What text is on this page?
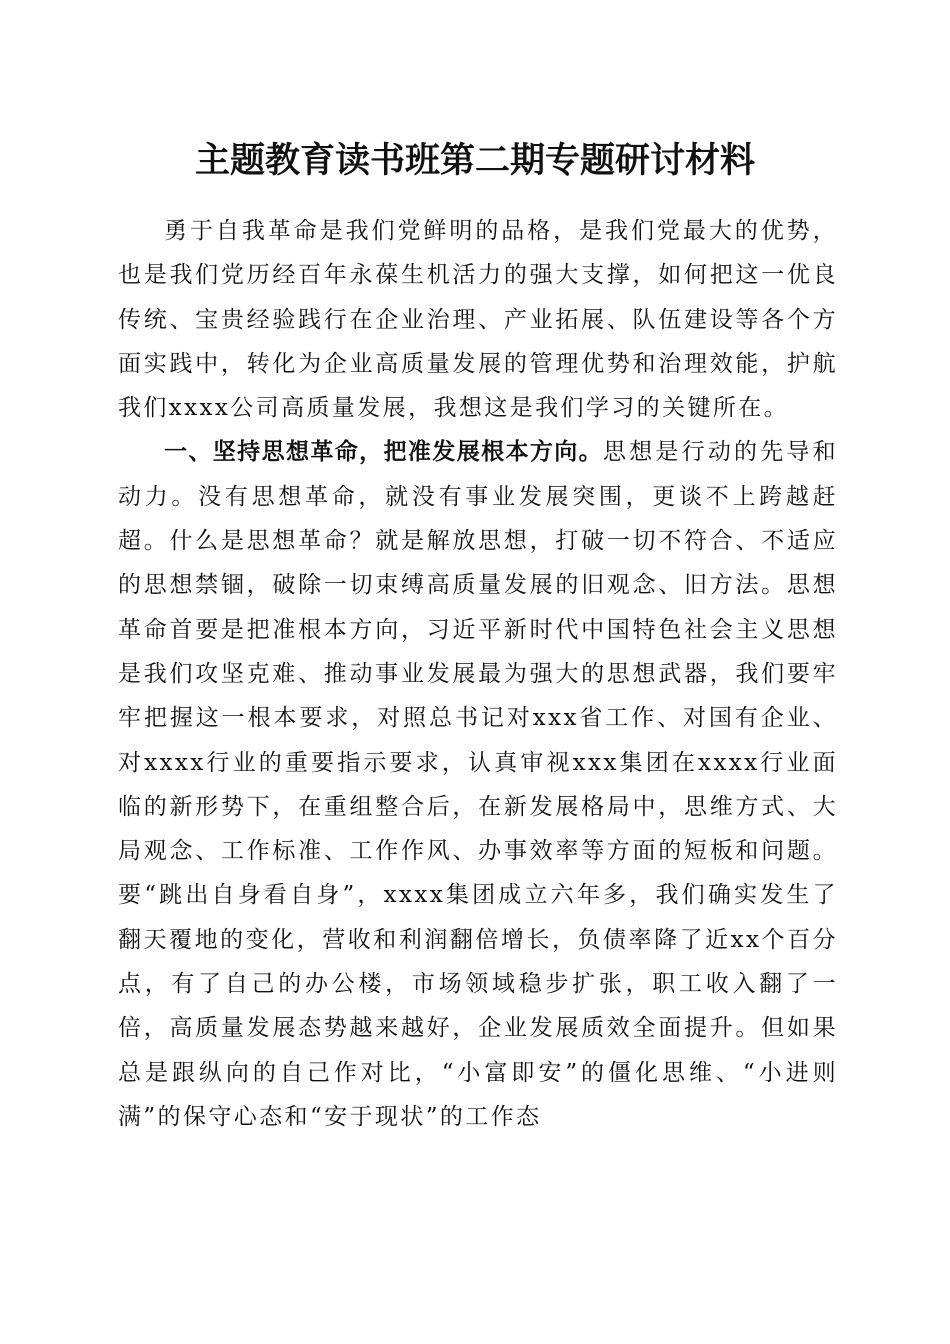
主题教育读书班第二期专题研讨材料

勇于自我革命是我们党鲜明的品格，是我们党最大的优势，也是我们党历经百年永葆生机活力的强大支撑，如何把这一优良传统、宝贵经验践行在企业治理、产业拓展、队伍建设等各个方面实践中，转化为企业高质量发展的管理优势和治理效能，护航我们xxxx公司高质量发展，我想这是我们学习的关键所在。

一、坚持思想革命，把准发展根本方向。思想是行动的先导和动力。没有思想革命，就没有事业发展突围，更谈不上跨越赶超。什么是思想革命？就是解放思想，打破一切不符合、不适应的思想禁锢，破除一切束缚高质量发展的旧观念、旧方法。思想革命首要是把准根本方向，习近平新时代中国特色社会主义思想是我们攻坚克难、推动事业发展最为强大的思想武器，我们要牢牢把握这一根本要求，对照总书记对xxx省工作、对国有企业、对xxxx行业的重要指示要求，认真审视xxx集团在xxxx行业面临的新形势下，在重组整合后，在新发展格局中，思维方式、大局观念、工作标准、工作作风、办事效率等方面的短板和问题。要“跳出自身看自身”，xxxx集团成立六年多，我们确实发生了翻天覆地的变化，营收和利润翻倍增长，负债率降了近xx个百分点，有了自己的办公楼，市场领域稳步扩张，职工收入翻了一倍，高质量发展态势越来越好，企业发展质效全面提升。但如果总是跟纵向的自己作对比，“小富即安”的僵化思维、“小进则满”的保守心态和“安于现状”的工作态
